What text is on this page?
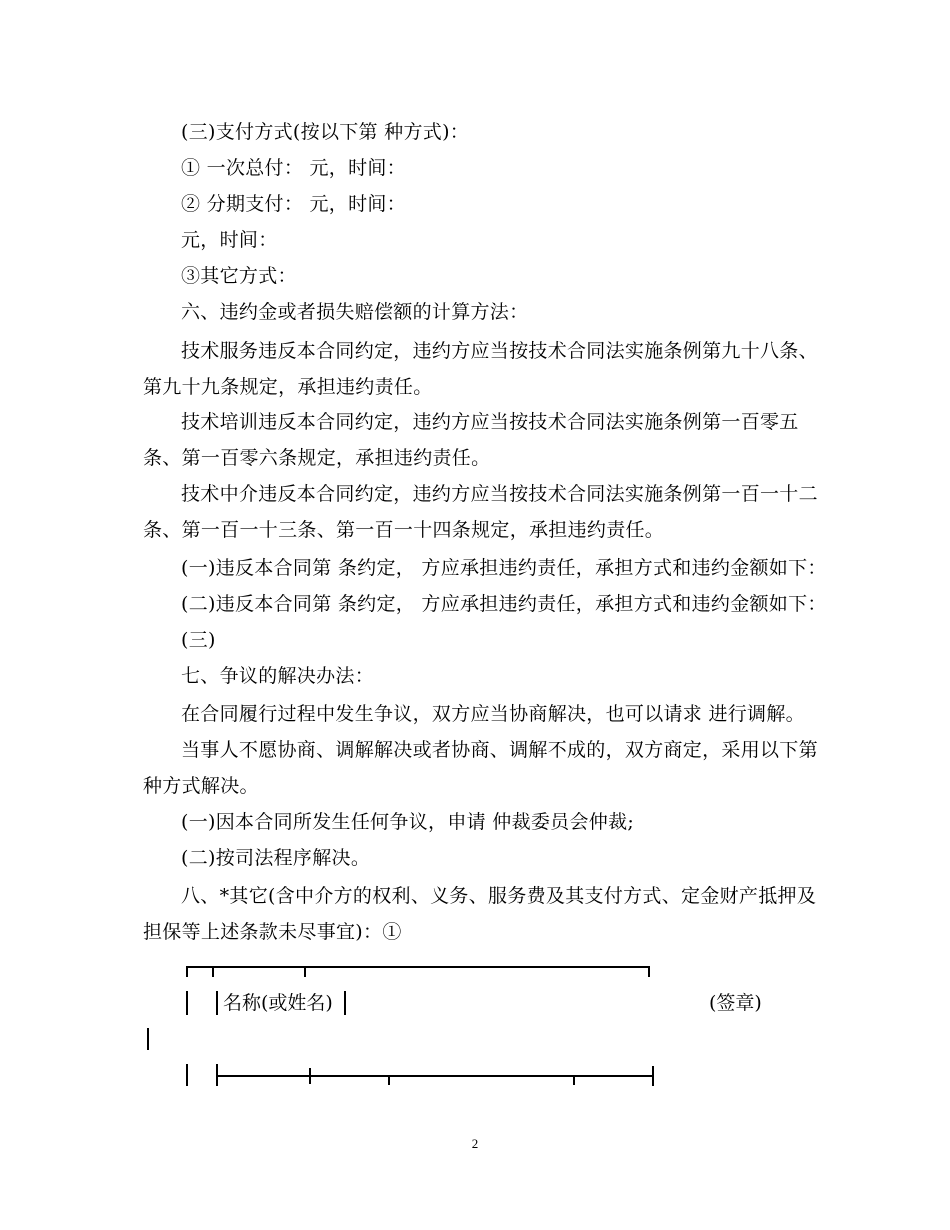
(三)支付方式(按以下第 种方式)：
① 一次总付： 元，时间：
② 分期支付： 元，时间：
元，时间：
③其它方式：
六、违约金或者损失赔偿额的计算方法：
技术服务违反本合同约定，违约方应当按技术合同法实施条例第九十八条、
第九十九条规定，承担违约责任。
技术培训违反本合同约定，违约方应当按技术合同法实施条例第一百零五
条、第一百零六条规定，承担违约责任。
技术中介违反本合同约定，违约方应当按技术合同法实施条例第一百一十二
条、第一百一十三条、第一百一十四条规定，承担违约责任。
(一)违反本合同第 条约定， 方应承担违约责任，承担方式和违约金额如下：
(二)违反本合同第 条约定， 方应承担违约责任，承担方式和违约金额如下：
(三)
七、争议的解决办法：
在合同履行过程中发生争议，双方应当协商解决，也可以请求 进行调解。
当事人不愿协商、调解解决或者协商、调解不成的，双方商定，采用以下第
种方式解决。
(一)因本合同所发生任何争议，申请 仲裁委员会仲裁;
(二)按司法程序解决。
八、*其它(含中介方的权利、义务、服务费及其支付方式、定金财产抵押及
担保等上述条款未尽事宜)：①
名称(或姓名)	(签章)
2
